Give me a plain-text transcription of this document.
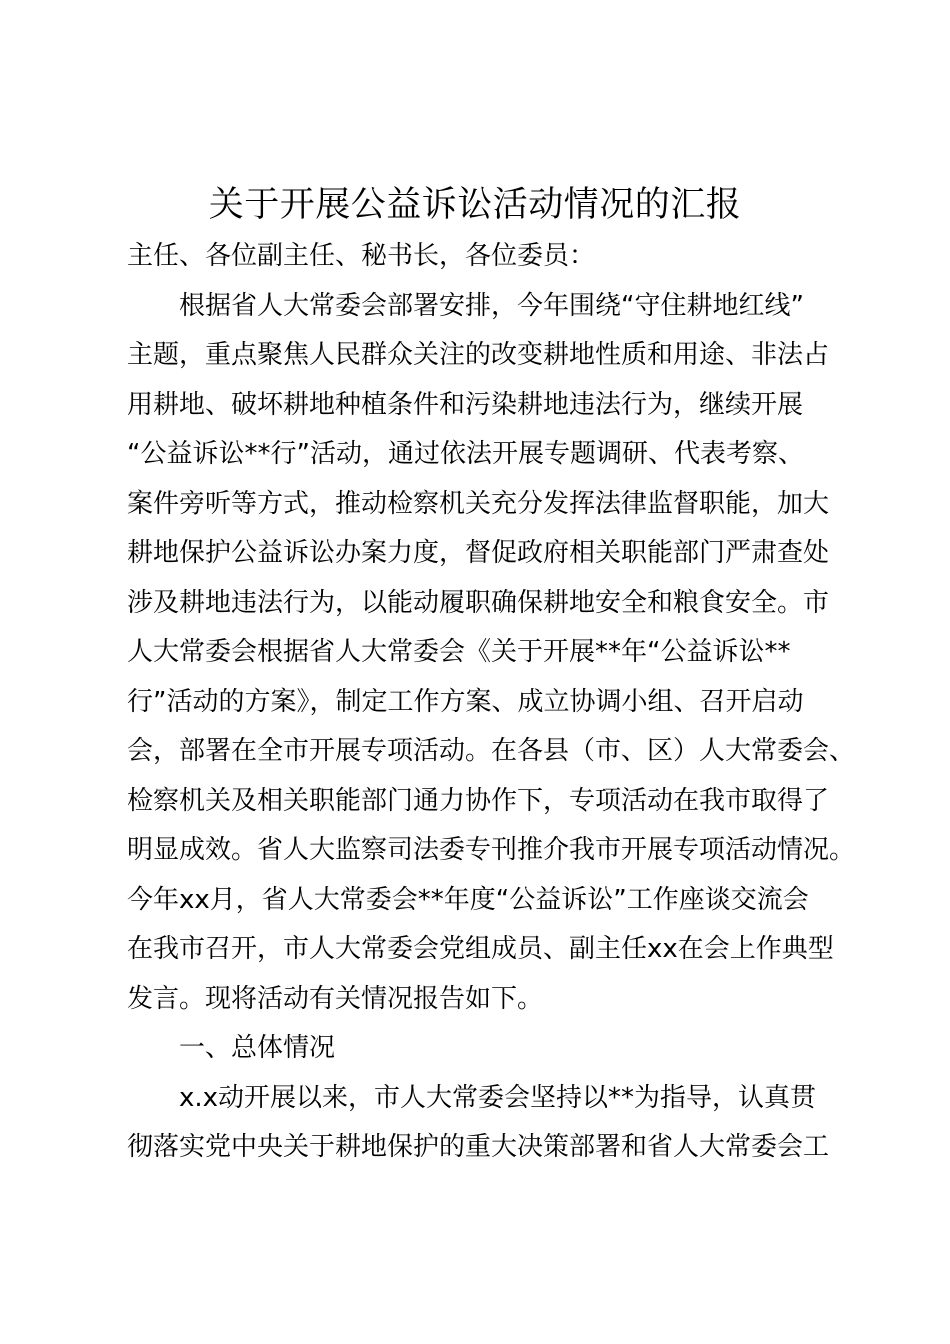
关于开展公益诉讼活动情况的汇报
主任、各位副主任、秘书长，各位委员：
根据省人大常委会部署安排，今年围绕“守住耕地红线”
主题，重点聚焦人民群众关注的改变耕地性质和用途、非法占
用耕地、破坏耕地种植条件和污染耕地违法行为，继续开展
“公益诉讼**行”活动，通过依法开展专题调研、代表考察、
案件旁听等方式，推动检察机关充分发挥法律监督职能，加大
耕地保护公益诉讼办案力度，督促政府相关职能部门严肃查处
涉及耕地违法行为，以能动履职确保耕地安全和粮食安全。市
人大常委会根据省人大常委会《关于开展**年“公益诉讼**
行”活动的方案》，制定工作方案、成立协调小组、召开启动
会，部署在全市开展专项活动。在各县（市、区）人大常委会、
检察机关及相关职能部门通力协作下，专项活动在我市取得了
明显成效。省人大监察司法委专刊推介我市开展专项活动情况。
今年xx月，省人大常委会**年度“公益诉讼”工作座谈交流会
在我市召开，市人大常委会党组成员、副主任xx在会上作典型
发言。现将活动有关情况报告如下。
一、总体情况
x.x动开展以来，市人大常委会坚持以**为指导，认真贯
彻落实党中央关于耕地保护的重大决策部署和省人大常委会工
